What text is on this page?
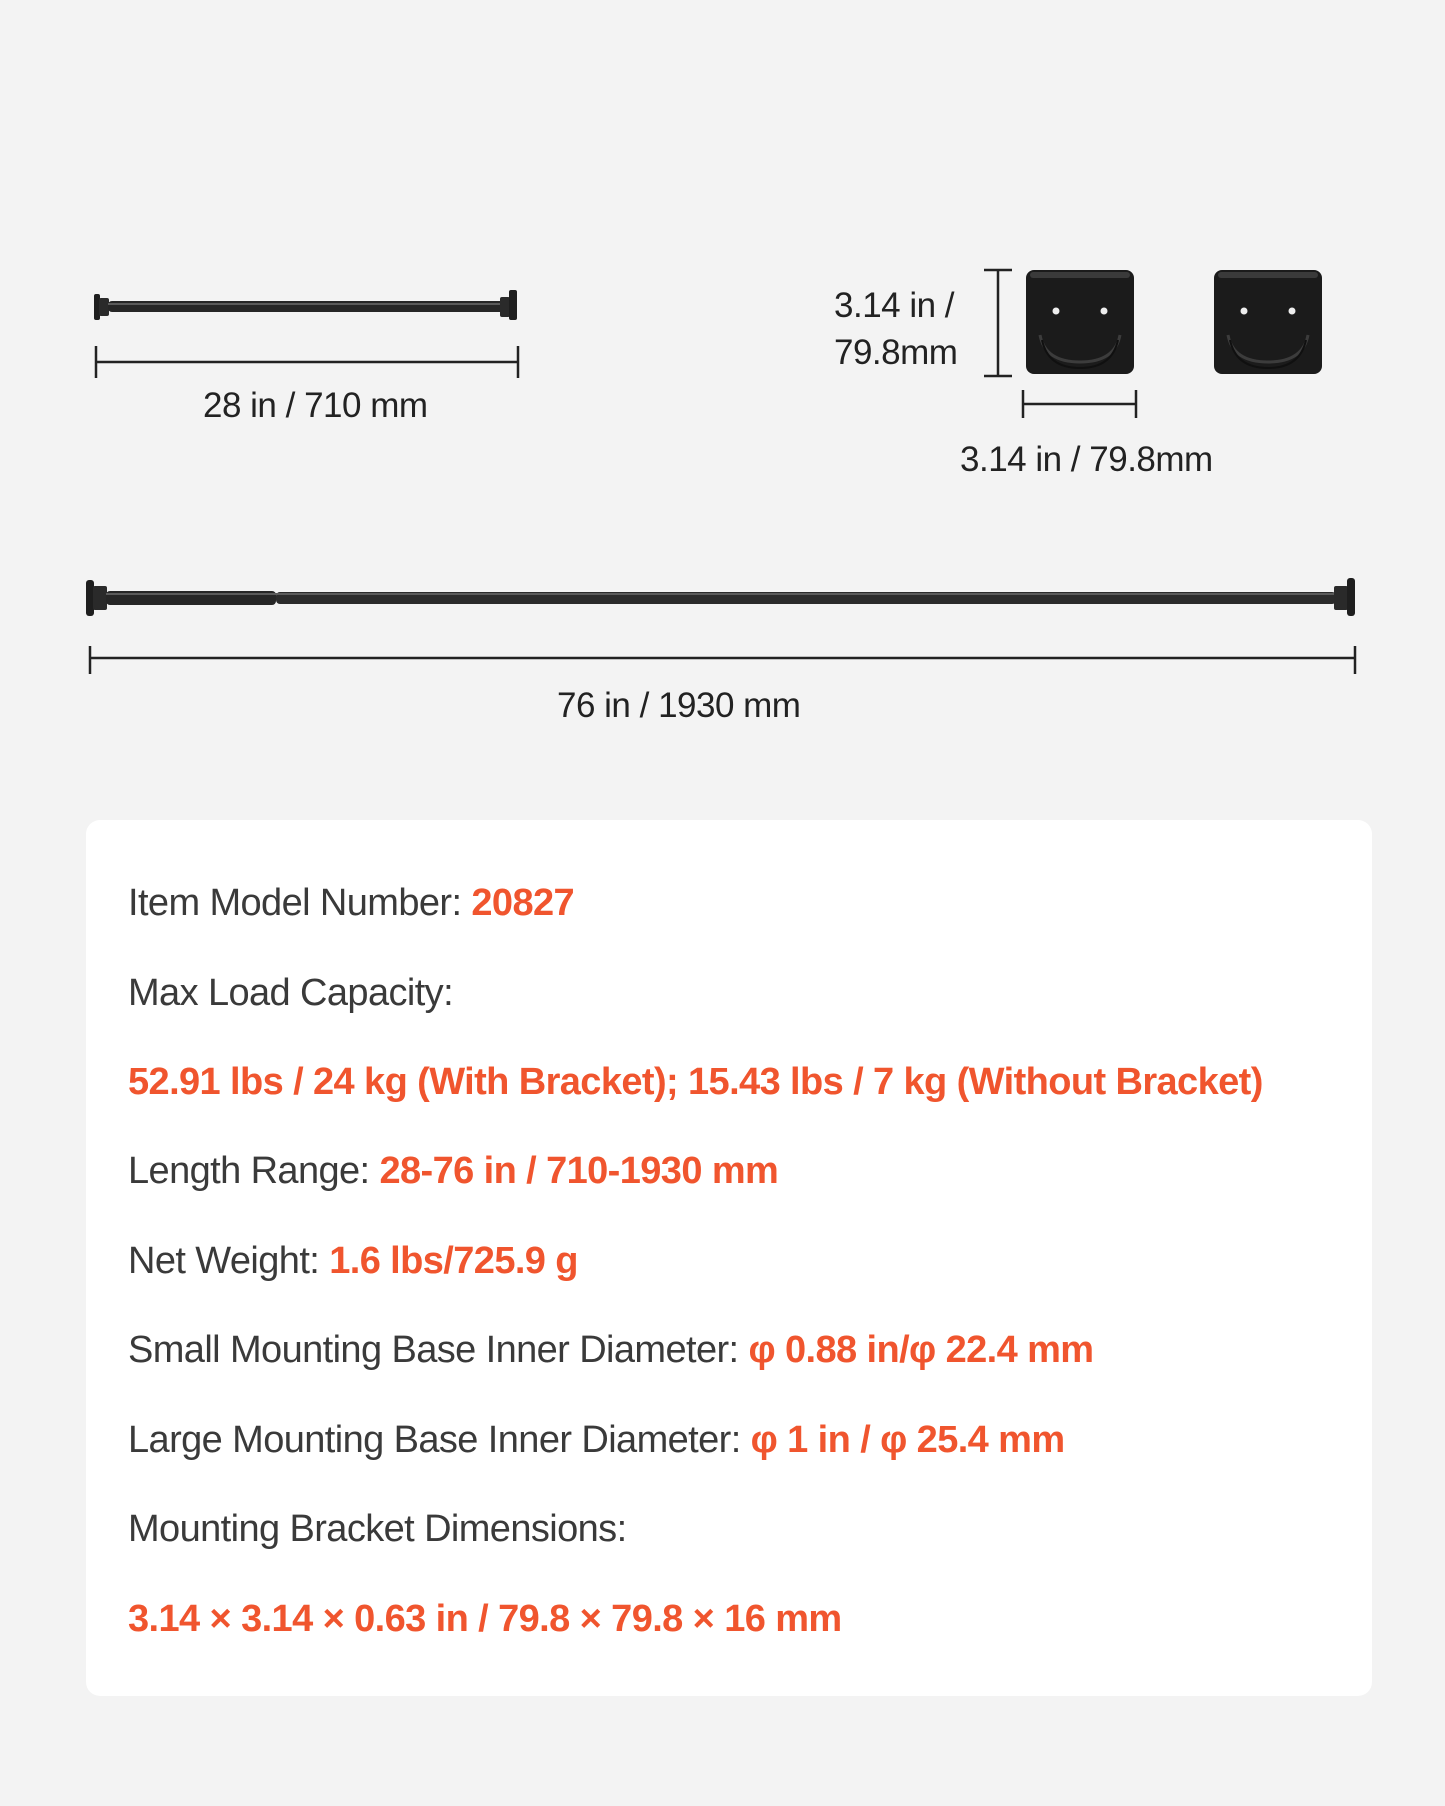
28 in / 710 mm
3.14 in /
79.8mm
3.14 in / 79.8mm
76 in / 1930 mm
Item Model Number: 20827
Max Load Capacity:
52.91 lbs / 24 kg (With Bracket); 15.43 lbs / 7 kg (Without Bracket)
Length Range: 28-76 in / 710-1930 mm
Net Weight: 1.6 lbs/725.9 g
Small Mounting Base Inner Diameter: φ 0.88 in/φ 22.4 mm
Large Mounting Base Inner Diameter: φ 1 in / φ 25.4 mm
Mounting Bracket Dimensions:
3.14 × 3.14 × 0.63 in / 79.8 × 79.8 × 16 mm
